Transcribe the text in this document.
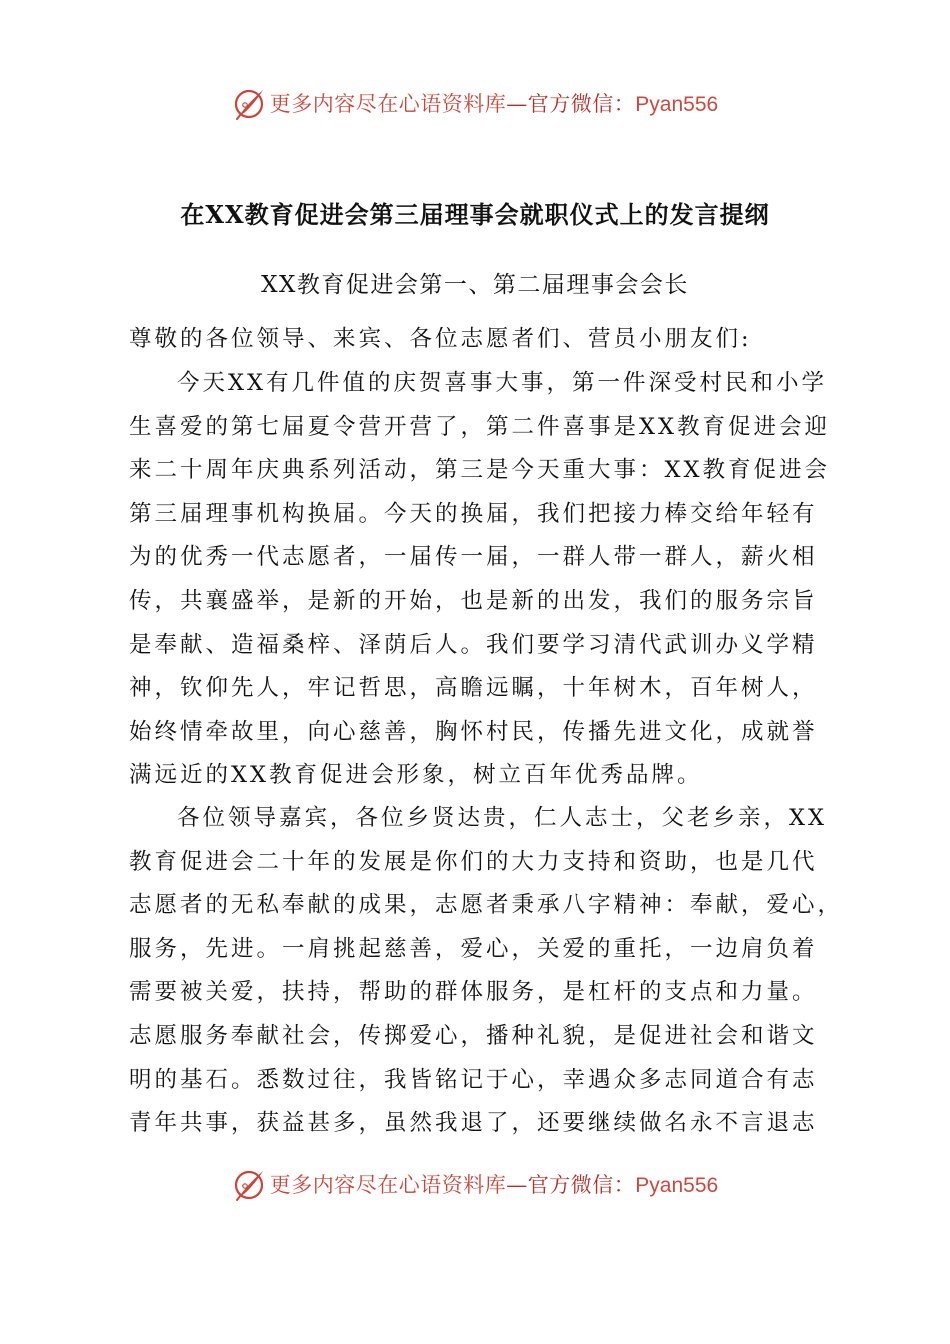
更多内容尽在心语资料库—官方微信：Pyan556
在XX教育促进会第三届理事会就职仪式上的发言提纲
XX教育促进会第一、第二届理事会会长
尊敬的各位领导、来宾、各位志愿者们、营员小朋友们:
今天XX有几件值的庆贺喜事大事，第一件深受村民和小学
生喜爱的第七届夏令营开营了，第二件喜事是XX教育促进会迎
来二十周年庆典系列活动，第三是今天重大事：XX教育促进会
第三届理事机构换届。今天的换届，我们把接力棒交给年轻有
为的优秀一代志愿者，一届传一届，一群人带一群人，薪火相
传，共襄盛举，是新的开始，也是新的出发，我们的服务宗旨
是奉献、造福桑梓、泽荫后人。我们要学习清代武训办义学精
神，钦仰先人，牢记哲思，高瞻远瞩，十年树木，百年树人，
始终情牵故里，向心慈善，胸怀村民，传播先进文化，成就誉
满远近的XX教育促进会形象，树立百年优秀品牌。
各位领导嘉宾，各位乡贤达贵，仁人志士，父老乡亲，XX
教育促进会二十年的发展是你们的大力支持和资助，也是几代
志愿者的无私奉献的成果，志愿者秉承八字精神：奉献，爱心，
服务，先进。一肩挑起慈善，爱心，关爱的重托，一边肩负着
需要被关爱，扶持，帮助的群体服务，是杠杆的支点和力量。
志愿服务奉献社会，传掷爱心，播种礼貌，是促进社会和谐文
明的基石。悉数过往，我皆铭记于心，幸遇众多志同道合有志
青年共事，获益甚多，虽然我退了，还要继续做名永不言退志
更多内容尽在心语资料库—官方微信：Pyan556
